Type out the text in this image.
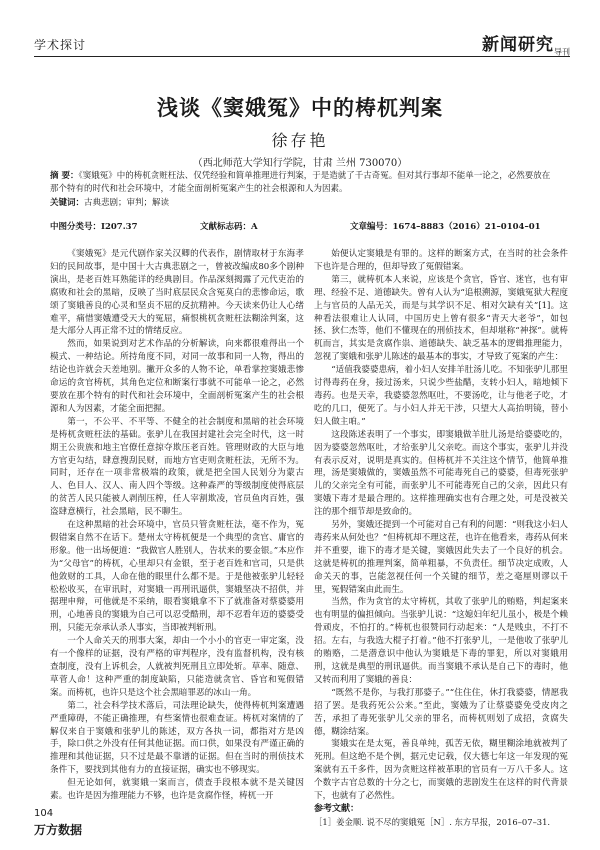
学术探讨	新闻研究$_{导刊}$
浅谈《窦娥冤》中的梼杌判案
徐存艳
（西北师范大学知行学院，甘肃 兰州 730070）

摘 要：《窦娥冤》中的梼杌贪赃枉法、仅凭经验和简单推理进行判案，于是造就了千古奇冤。但对其行事却不能单一论之，必然要放在那个特有的时代和社会环境中，才能全面剖析冤案产生的社会根源和人为因素。

关键词：古典悲剧；审判；解读

中图分类号：I207.37	文献标志码：A	文章编号：1674–8883（2016）21–0104–01

《窦娥冤》是元代剧作家关汉卿的代表作，剧情取材于东海孝妇的民间故事，是中国十大古典悲剧之一，曾被改编成80多个剧种演出，是老百姓耳熟能详的经典剧目。作品深刻揭露了元代吏治的腐败和社会的黑暗，反映了当时底层民众含冤莫白的悲惨命运，歌颂了窦娥善良的心灵和坚贞不屈的反抗精神。今天读来仍让人心绪难平，痛惜窦娥遭受天大的冤屈，痛恨桃杌贪赃枉法糊涂判案，这是大部分人再正常不过的情绪反应。

然而，如果说到对艺术作品的分析解读，向来都很难得出一个模式、一种结论。所持角度不同，对同一故事和同一人物，得出的结论也许就会天差地别。撇开众多的人物不论，单看掌控窦娥悲惨命运的贪官梼杌，其角色定位和断案行事就不可能单一论之，必然要放在那个特有的时代和社会环境中，全面剖析冤案产生的社会根源和人为因素，才能全面把握。

第一，不公平、不平等、不健全的社会制度和黑暗的社会环境是梼杌贪赃枉法的基础。张驴儿在我国封建社会完全时代，这一时期王公贵族和地主官僚任意掠夺欺压老百姓。管理财政的大臣与地方官吏勾结，肆意搜刮民财，而地方官吏则贪赃枉法，无所不为。同时，还存在一项非常极端的政策，就是把全国人民划分为蒙古人、色目人、汉人、南人四个等级。这种森严的等级制度使得底层的贫苦人民只能被人剥削压榨，任人宰割欺凌，官员鱼肉百姓，强盗肆意横行，社会黑暗，民不聊生。

在这种黑暗的社会环境中，官员只管贪赃枉法，毫不作为，冤假错案自然不在话下。楚州太守梼杌便是一个典型的贪官、庸官的形象。他一出场便道：“我做官人胜别人，告状来的要金银。”本应作为“父母官”的梼杌，心里却只有金银，至于老百姓和官司，只是供他敛财的工具，人命在他的眼里什么都不是。于是他被张驴儿轻轻松松收买，在审讯时，对窦娥一再刑讯逼供，窦娥坚决不招供，并据理申辩，可他就是不采纳，眼看窦娥拿不下了就准备对蔡婆婆用刑，心地善良的窦娥为自己可以忍受酷刑，却不忍看年迈的婆婆受刑，只能无奈承认杀人事实，当即被判斩刑。

一个人命关天的刑事大案，却由一个小小的官吏一审定案，没有一个像样的证据，没有严格的审判程序，没有监督机构，没有核查制度，没有上诉机会，人就被判死刑且立即处斩。草率、随意、草菅人命！这种严重的制度缺陷，只能造就贪官、昏官和冤假错案。而梼杌，也许只是这个社会黑暗罪恶的冰山一角。

第二，社会科学技术落后，司法理论缺失，使得梼杌判案遭遇严重障碍，不能正确推理，有些案情也很难查证。梼杌对案情的了解仅来自于窦娥和张驴儿的陈述，双方各执一词，都指对方是凶手，除口供之外没有任何其他证据。而口供，如果没有严谨正确的推理和其他证据，只不过是最不靠谱的证据。但在当时的刑侦技术条件下，要找到其他有力的直接证据，确实也不够现实。

但无论如何，就窦娥一案而言，债查手段根本就不是关键因素。也许是因为推理能力不够，也许是贪腐作怪，梼杌一开

始便认定窦娥是有罪的。这样的断案方式，在当时的社会条件下也许是合理的，但却导致了冤假错案。

第三，就梼杌本人来说，应该是个贪官，昏官、迷官，也有审理、经验不足、道德缺失。曾有人认为“追根溯源，窦娥冤狱大程度上与官员的人品无关，而是与其学识不足、相对欠缺有关”[1]。这种看法很难让人认同，中国历史上曾有很多“青天大老爷”，如包拯、狄仁杰等，他们不懂现在的刑侦技术，但却堪称“神探”。就梼杌而言，其实是贪腐作祟、道德缺失、缺乏基本的逻辑推理能力，忽视了窦娥和张驴儿陈述的最基本的事实，才导致了冤案的产生：

“适值我婆婆患病，着小妇人安排羊肚汤儿吃。不知张驴儿那里讨得毒药在身，接过汤来，只说少些盐醋，支转小妇人，暗地倾下毒药。也是天幸，我婆婆忽然呕吐，不要汤吃，让与他老子吃，才吃的几口，便死了。与小妇人并无干涉，只望大人高抬明镜，替小妇人做主咱。”

这段陈述表明了一个事实，即窦娥做羊肚儿汤是给婆婆吃的，因为婆婆忽然呕吐，才给张驴儿父亲吃。而这个事实，张驴儿并没有表示反对，说明是真实的。但梼杌并不关注这个情节，他简单推理，汤是窦娥做的，窦娥虽然不可能毒死自己的婆婆，但毒死张驴儿的父亲完全有可能，而张驴儿不可能毒死自己的父亲，因此只有窦娥下毒才是最合理的。这样推理确实也有合理之处，可是没被关注的那个细节却是致命的。

另外，窦娥还提到一个可能对自己有利的问题：“则我这小妇人毒药来从何处也？”但梼杌却不理这茬，也许在他看来，毒药从何来并不重要，谁下的毒才是关键，窦娥因此失去了一个良好的机会。这就是梼杌的推理判案，简单粗暴，不负责任。细节决定成败，人命关天的事，岂能忽视任何一个关键的细节，差之毫厘则谬以千里，冤假错案由此而生。

当然，作为贪官的太守梼杌，其收了张驴儿的贿赂，判起案来也有明显的偏担倾向。当张驴儿说：“这媳妇年纪儿虽小，极是个赖骨顽皮，不怕打的。”梼杌也很赞同行动起来：“人是贱虫，不打不招。左右，与我选大棍子打着。”他不打张驴儿，一是他收了张驴儿的贿赂，二是潜意识中他认为窦娥是下毒的罪犯，所以对窦娥用刑，这就是典型的刑讯逼供。而当窦娥不承认是自己下的毒时，他又转而利用了窦娥的善良：

“既然不是你，与我打那婆子。”“住住住，休打我婆婆，情愿我招了罢。是我药死公公来。”至此，窦娥为了让蔡婆婆免受皮肉之苦，承担了毒死张驴儿父亲的罪名，而梼杌则划了成招，贪腐失德，糊涂结案。

窦娥实在是太冤，善良单纯，孤苦无依，糊里糊涂地就被判了死刑。但这绝不是个例，据元史记载，仅大德七年这一年发现的冤案就有五千多件，因为贪赃这样被革职的官员有一万八千多人。这个数字古官总数的十分之七，而窦娥的悲剧发生在这样的时代背景下，也就有了必然性。

参考文献：

［1］姜金顺. 说不尽的窦娥冤［N］. 东方早报，2016–07–31.

104
万方数据
